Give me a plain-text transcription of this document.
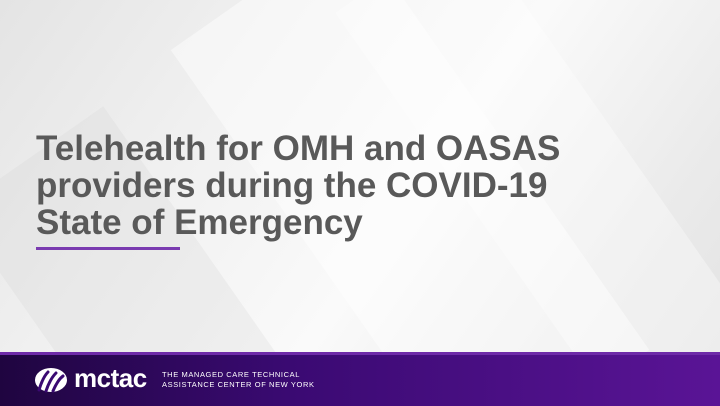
Telehealth for OMH and OASAS
providers during the COVID-19
State of Emergency
mctac THE MANAGED CARE TECHNICAL
ASSISTANCE CENTER OF NEW YORK
